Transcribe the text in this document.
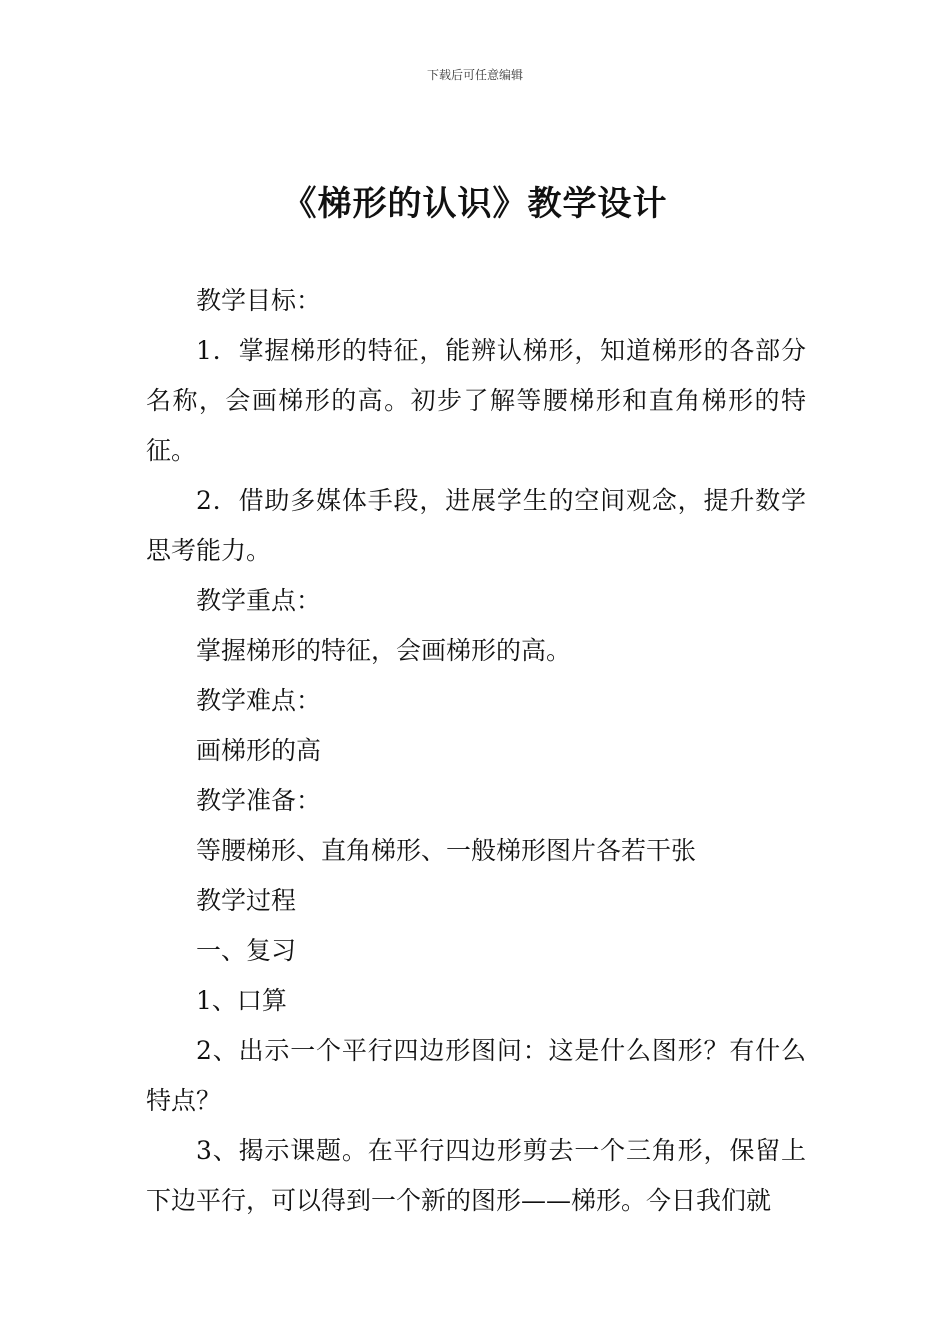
下载后可任意编辑
《梯形的认识》教学设计

教学目标：

1．掌握梯形的特征，能辨认梯形，知道梯形的各部分名称，会画梯形的高。初步了解等腰梯形和直角梯形的特征。

2．借助多媒体手段，进展学生的空间观念，提升数学思考能力。

教学重点：

掌握梯形的特征，会画梯形的高。

教学难点：

画梯形的高

教学准备：

等腰梯形、直角梯形、一般梯形图片各若干张

教学过程

一、复习

1、口算

2、出示一个平行四边形图问：这是什么图形？有什么特点？

3、揭示课题。在平行四边形剪去一个三角形，保留上下边平行，可以得到一个新的图形——梯形。今日我们就
